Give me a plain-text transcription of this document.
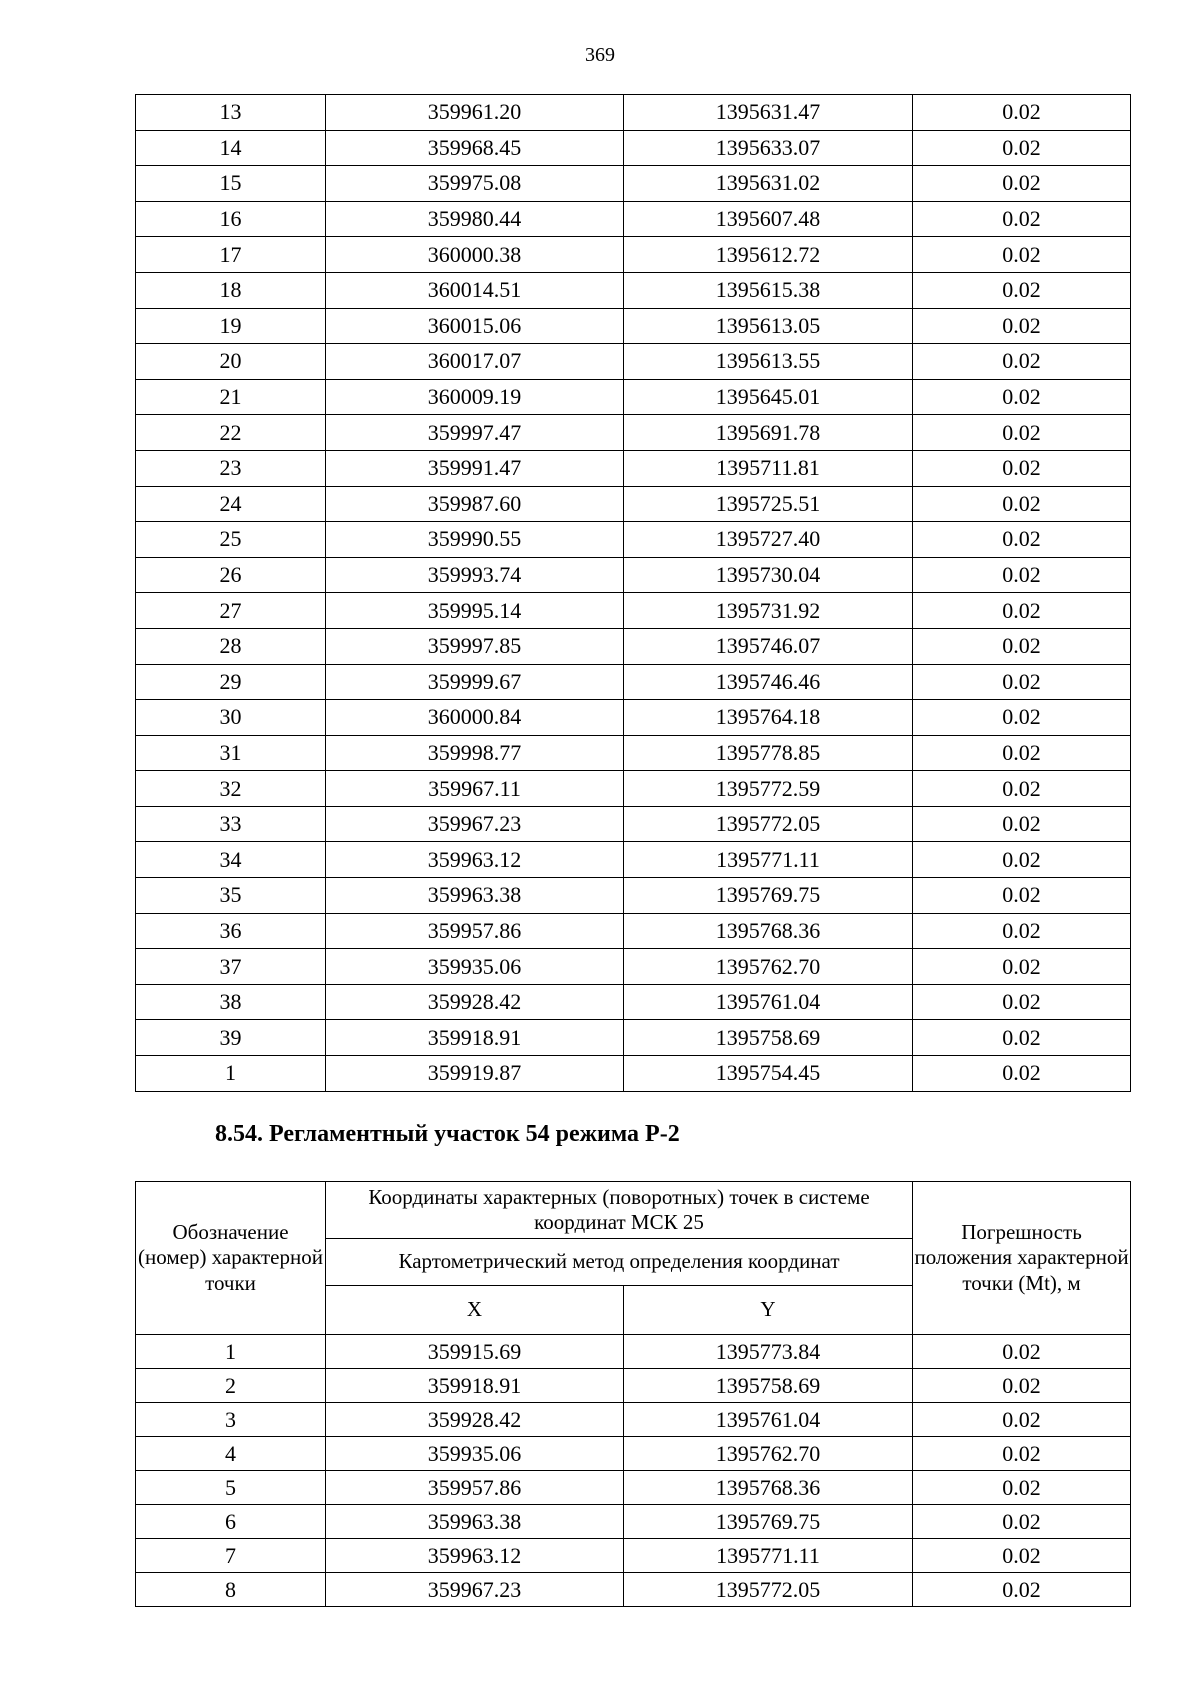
369
13	359961.20	1395631.47	0.02
14	359968.45	1395633.07	0.02
15	359975.08	1395631.02	0.02
16	359980.44	1395607.48	0.02
17	360000.38	1395612.72	0.02
18	360014.51	1395615.38	0.02
19	360015.06	1395613.05	0.02
20	360017.07	1395613.55	0.02
21	360009.19	1395645.01	0.02
22	359997.47	1395691.78	0.02
23	359991.47	1395711.81	0.02
24	359987.60	1395725.51	0.02
25	359990.55	1395727.40	0.02
26	359993.74	1395730.04	0.02
27	359995.14	1395731.92	0.02
28	359997.85	1395746.07	0.02
29	359999.67	1395746.46	0.02
30	360000.84	1395764.18	0.02
31	359998.77	1395778.85	0.02
32	359967.11	1395772.59	0.02
33	359967.23	1395772.05	0.02
34	359963.12	1395771.11	0.02
35	359963.38	1395769.75	0.02
36	359957.86	1395768.36	0.02
37	359935.06	1395762.70	0.02
38	359928.42	1395761.04	0.02
39	359918.91	1395758.69	0.02
1	359919.87	1395754.45	0.02
8.54. Регламентный участок 54 режима Р-2
Обозначение (номер) характерной точки	Координаты характерных (поворотных) точек в системе координат МСК 25		Погрешность положения характерной точки (Mt), м
	Картометрический метод определения координат		
	X	Y	
1	359915.69	1395773.84	0.02
2	359918.91	1395758.69	0.02
3	359928.42	1395761.04	0.02
4	359935.06	1395762.70	0.02
5	359957.86	1395768.36	0.02
6	359963.38	1395769.75	0.02
7	359963.12	1395771.11	0.02
8	359967.23	1395772.05	0.02
